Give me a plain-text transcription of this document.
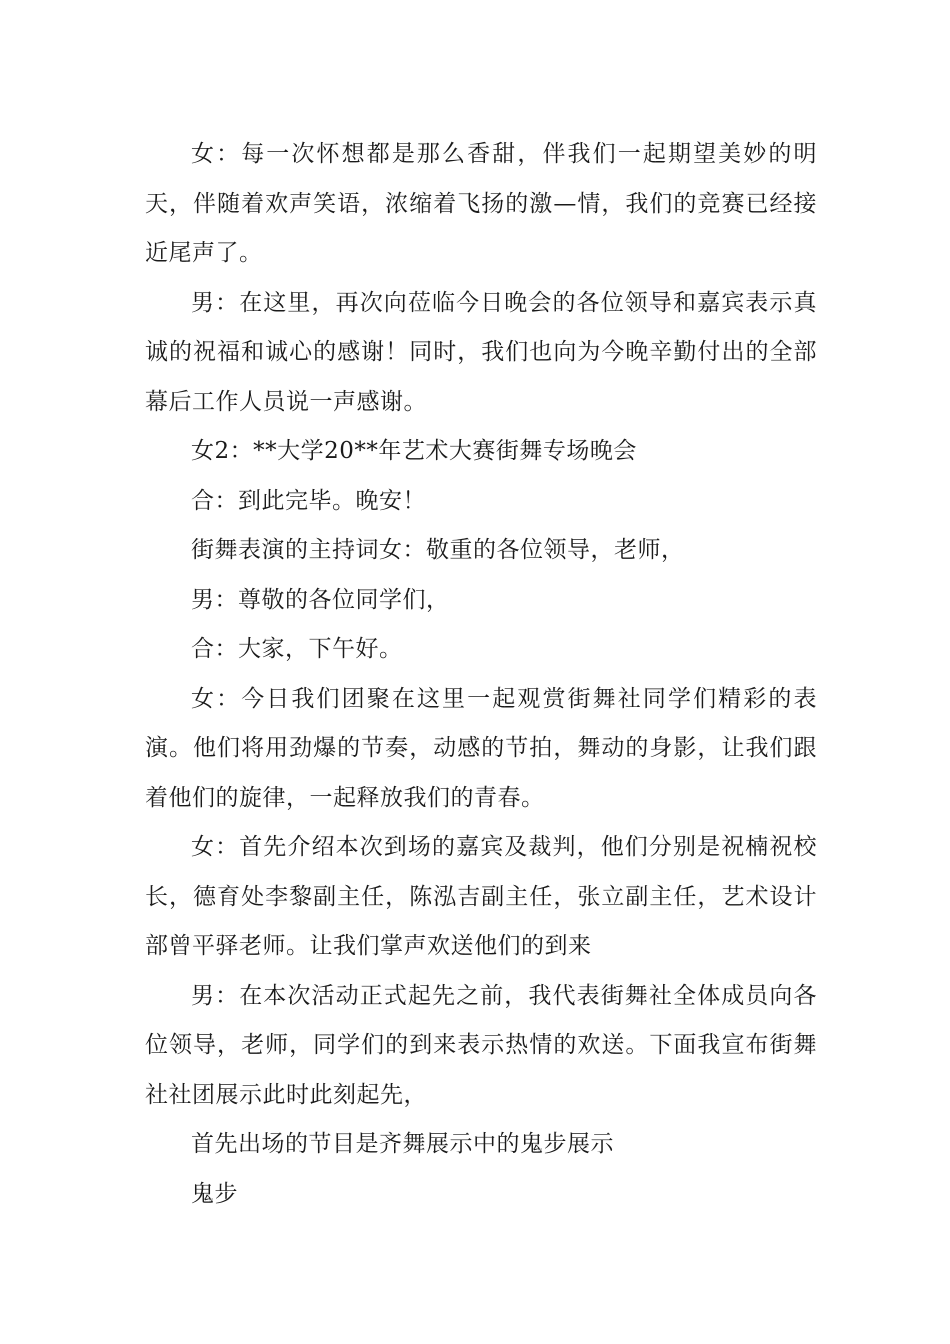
女：每一次怀想都是那么香甜，伴我们一起期望美妙的明天，伴随着欢声笑语，浓缩着飞扬的激—情，我们的竞赛已经接近尾声了。

男：在这里，再次向莅临今日晚会的各位领导和嘉宾表示真诚的祝福和诚心的感谢！同时，我们也向为今晚辛勤付出的全部幕后工作人员说一声感谢。

女2：**大学20**年艺术大赛街舞专场晚会

合：到此完毕。晚安！

街舞表演的主持词女：敬重的各位领导，老师，

男：尊敬的各位同学们，

合：大家，下午好。

女：今日我们团聚在这里一起观赏街舞社同学们精彩的表演。他们将用劲爆的节奏，动感的节拍，舞动的身影，让我们跟着他们的旋律，一起释放我们的青春。

女：首先介绍本次到场的嘉宾及裁判，他们分别是祝楠祝校长，德育处李黎副主任，陈泓吉副主任，张立副主任，艺术设计部曾平驿老师。让我们掌声欢送他们的到来

男：在本次活动正式起先之前，我代表街舞社全体成员向各位领导，老师，同学们的到来表示热情的欢送。下面我宣布街舞社社团展示此时此刻起先，

首先出场的节目是齐舞展示中的鬼步展示

鬼步
